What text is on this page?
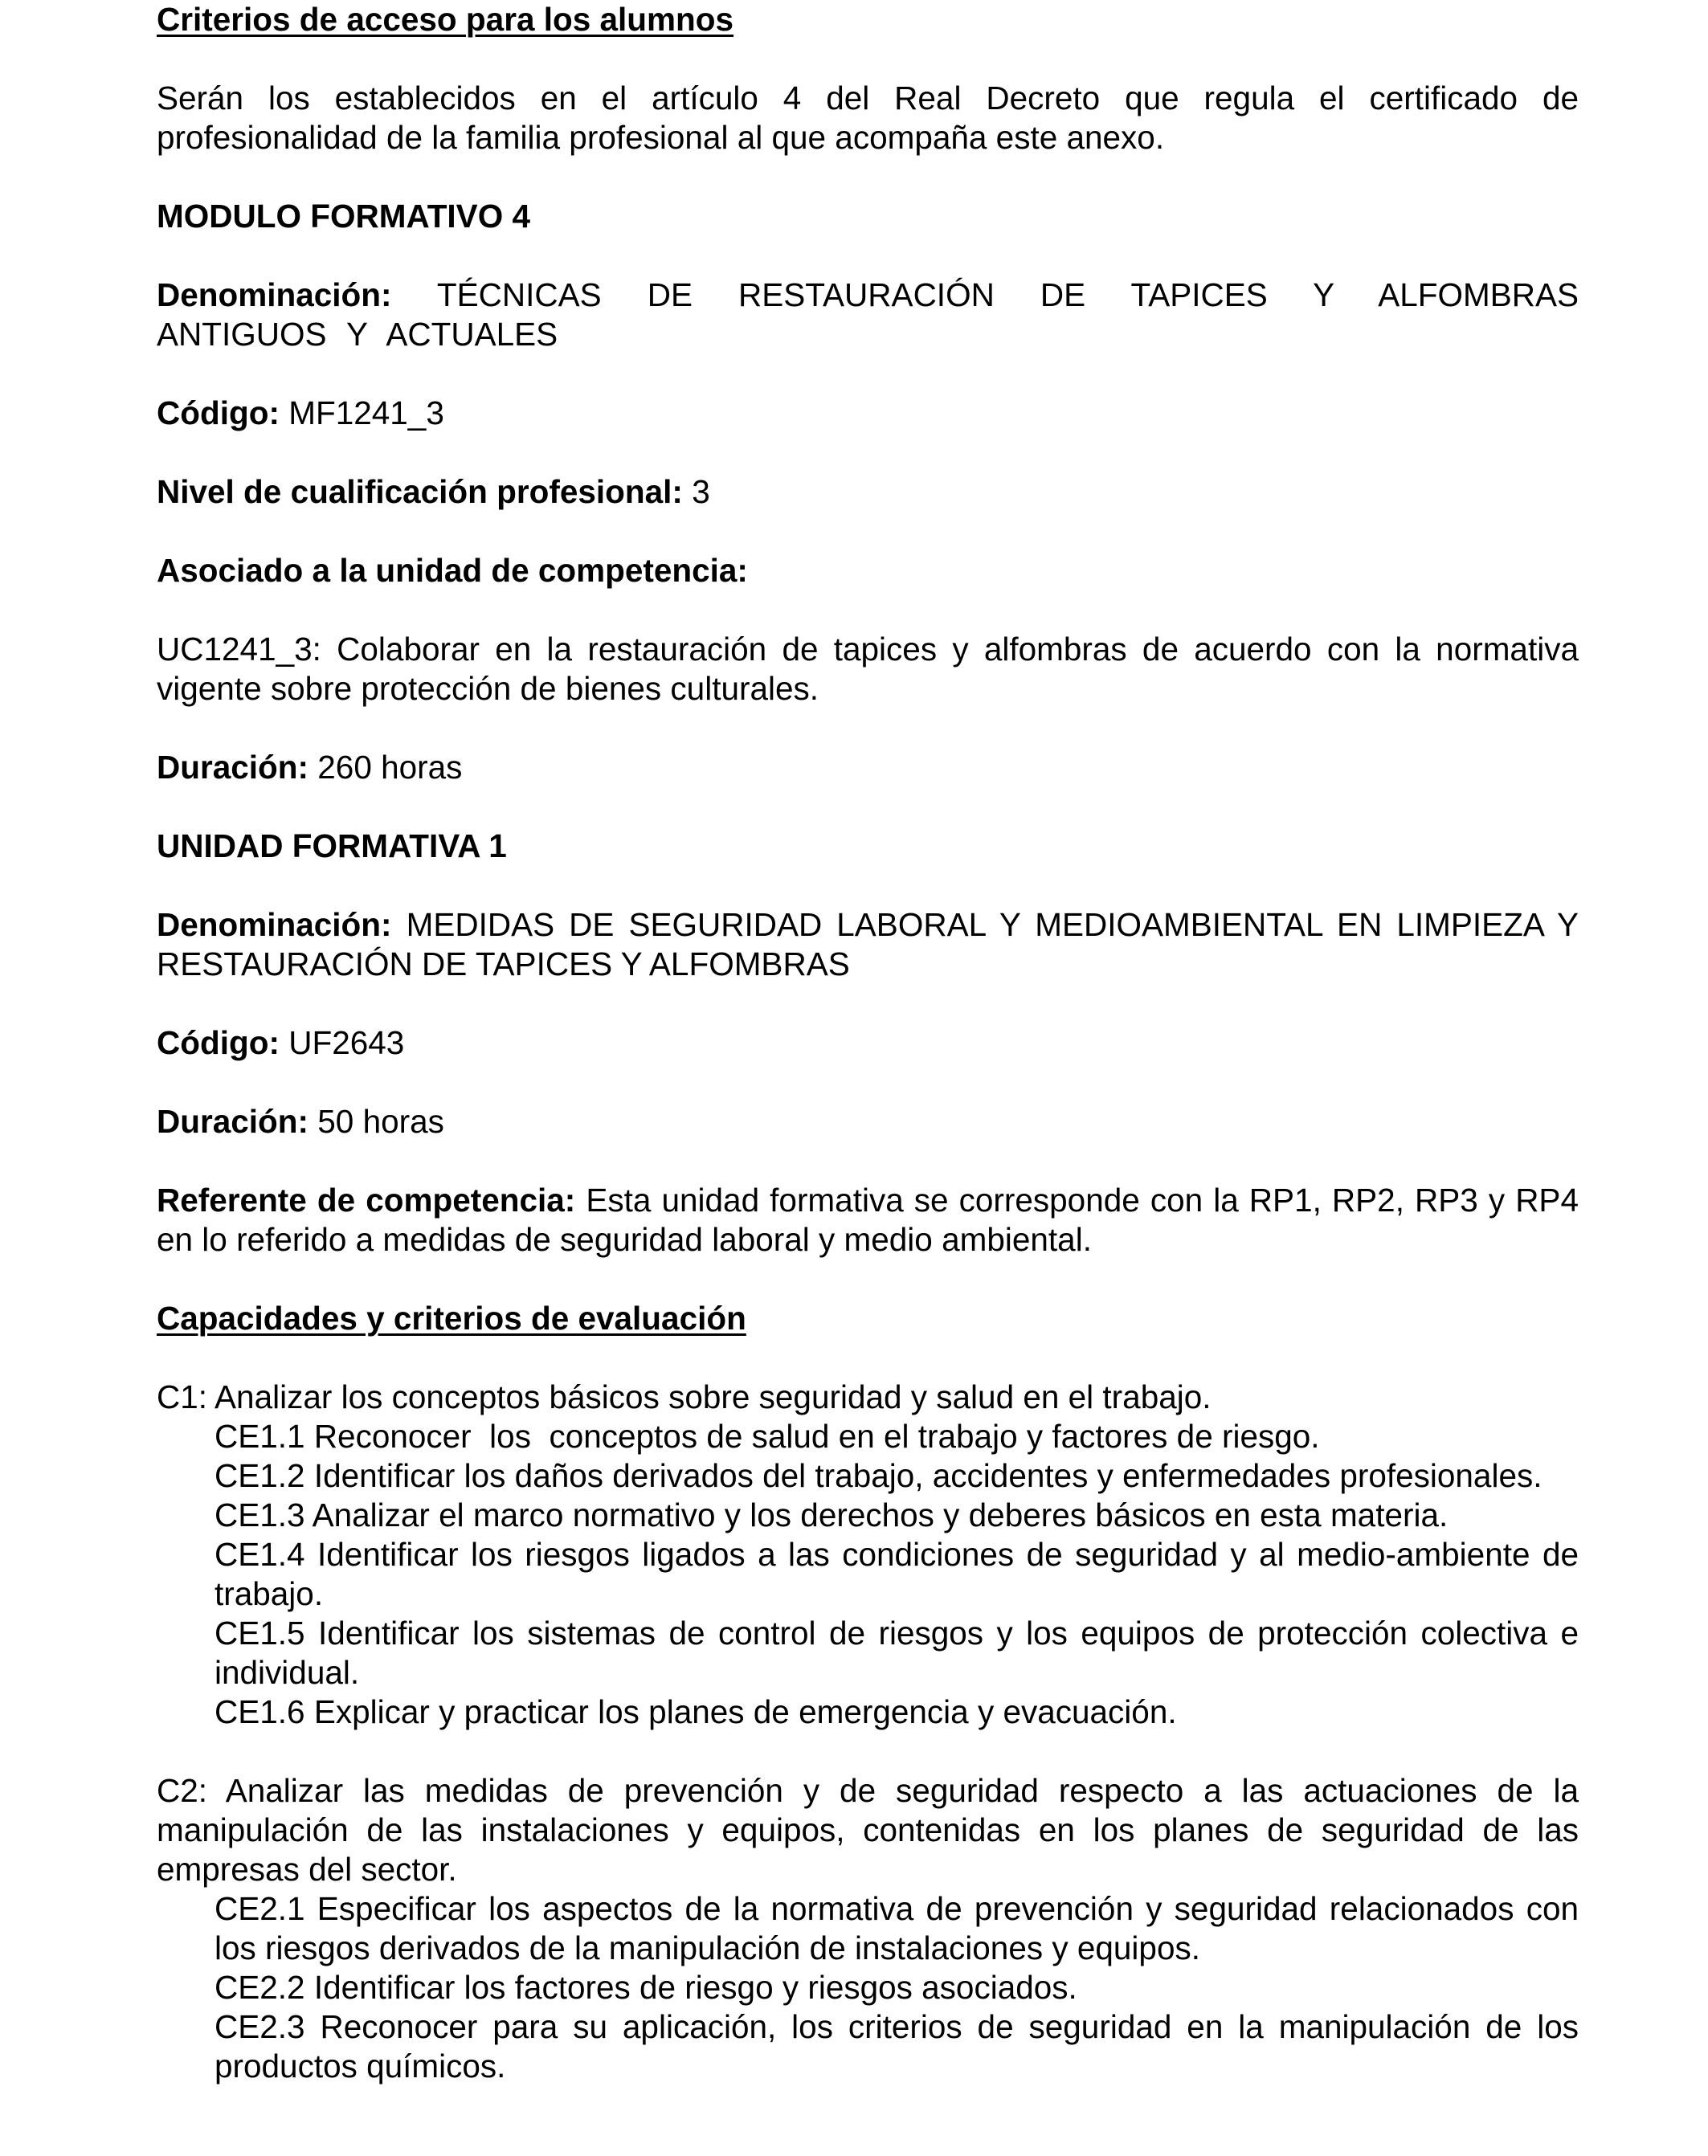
Criterios de acceso para los alumnos
Serán los establecidos en el artículo 4 del Real Decreto que regula el certificado de profesionalidad de la familia profesional al que acompaña este anexo.
MODULO FORMATIVO 4
Denominación: TÉCNICAS DE RESTAURACIÓN DE TAPICES Y ALFOMBRAS ANTIGUOS Y ACTUALES
Código: MF1241_3
Nivel de cualificación profesional: 3
Asociado a la unidad de competencia:
UC1241_3: Colaborar en la restauración de tapices y alfombras de acuerdo con la normativa vigente sobre protección de bienes culturales.
Duración: 260 horas
UNIDAD FORMATIVA 1
Denominación: MEDIDAS DE SEGURIDAD LABORAL Y MEDIOAMBIENTAL EN LIMPIEZA Y RESTAURACIÓN DE TAPICES Y ALFOMBRAS
Código: UF2643
Duración: 50 horas
Referente de competencia: Esta unidad formativa se corresponde con la RP1, RP2, RP3 y RP4 en lo referido a medidas de seguridad laboral y medio ambiental.
Capacidades y criterios de evaluación
C1: Analizar los conceptos básicos sobre seguridad y salud en el trabajo.
CE1.1 Reconocer  los  conceptos de salud en el trabajo y factores de riesgo.
CE1.2 Identificar los daños derivados del trabajo, accidentes y enfermedades profesionales.
CE1.3 Analizar el marco normativo y los derechos y deberes básicos en esta materia.
CE1.4 Identificar los riesgos ligados a las condiciones de seguridad y al medio-ambiente de trabajo.
CE1.5 Identificar los sistemas de control de riesgos y los equipos de protección colectiva e individual.
CE1.6 Explicar y practicar los planes de emergencia y evacuación.
C2: Analizar las medidas de prevención y de seguridad respecto a las actuaciones de la manipulación de las instalaciones y equipos, contenidas en los planes de seguridad de las empresas del sector.
CE2.1 Especificar los aspectos de la normativa de prevención y seguridad relacionados con los riesgos derivados de la manipulación de instalaciones y equipos.
CE2.2 Identificar los factores de riesgo y riesgos asociados.
CE2.3 Reconocer para su aplicación, los criterios de seguridad en la manipulación de los productos químicos.
